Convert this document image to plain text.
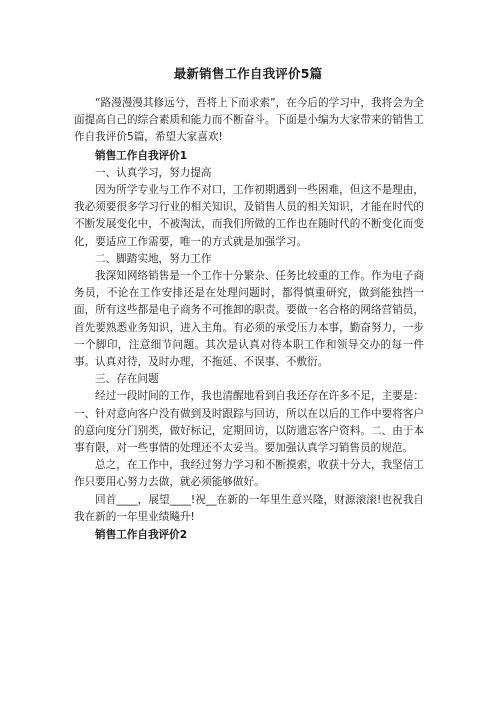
最新销售工作自我评价5篇

“路漫漫漫其修远兮，吾将上下而求索”，在今后的学习中，我将会为全面提高自己的综合素质和能力而不断奋斗。下面是小编为大家带来的销售工作自我评价5篇，希望大家喜欢!

销售工作自我评价1

一、认真学习，努力提高

因为所学专业与工作不对口，工作初期遇到一些困难，但这不是理由，我必须要很多学习行业的相关知识，及销售人员的相关知识，才能在时代的不断发展变化中，不被淘汰，而我们所做的工作也在随时代的不断变化而变化，要适应工作需要，唯一的方式就是加强学习。

二、脚踏实地，努力工作

我深知网络销售是一个工作十分繁杂、任务比较重的工作。作为电子商务员，不论在工作安排还是在处理问题时，都得慎重研究，做到能独挡一面，所有这些都是电子商务不可推卸的职责。要做一名合格的网络营销员，首先要熟悉业务知识，进入主角。有必须的承受压力本事，勤奋努力，一步一个脚印，注意细节问题。其次是认真对待本职工作和领导交办的每一件事。认真对待，及时办理，不拖延、不误事、不敷衍。

三、存在问题

经过一段时间的工作，我也清醒地看到自我还存在许多不足，主要是：一、针对意向客户没有做到及时跟踪与回访，所以在以后的工作中要将客户的意向度分门别类，做好标记，定期回访，以防遗忘客户资料。二、由于本事有限，对一些事情的处理还不太妥当。要加强认真学习销售员的规范。

总之，在工作中，我经过努力学习和不断摸索，收获十分大，我坚信工作只要用心努力去做，就必须能够做好。

回首____，展望____!祝__在新的一年里生意兴隆，财源滚滚!也祝我自我在新的一年里业绩飚升!

销售工作自我评价2
